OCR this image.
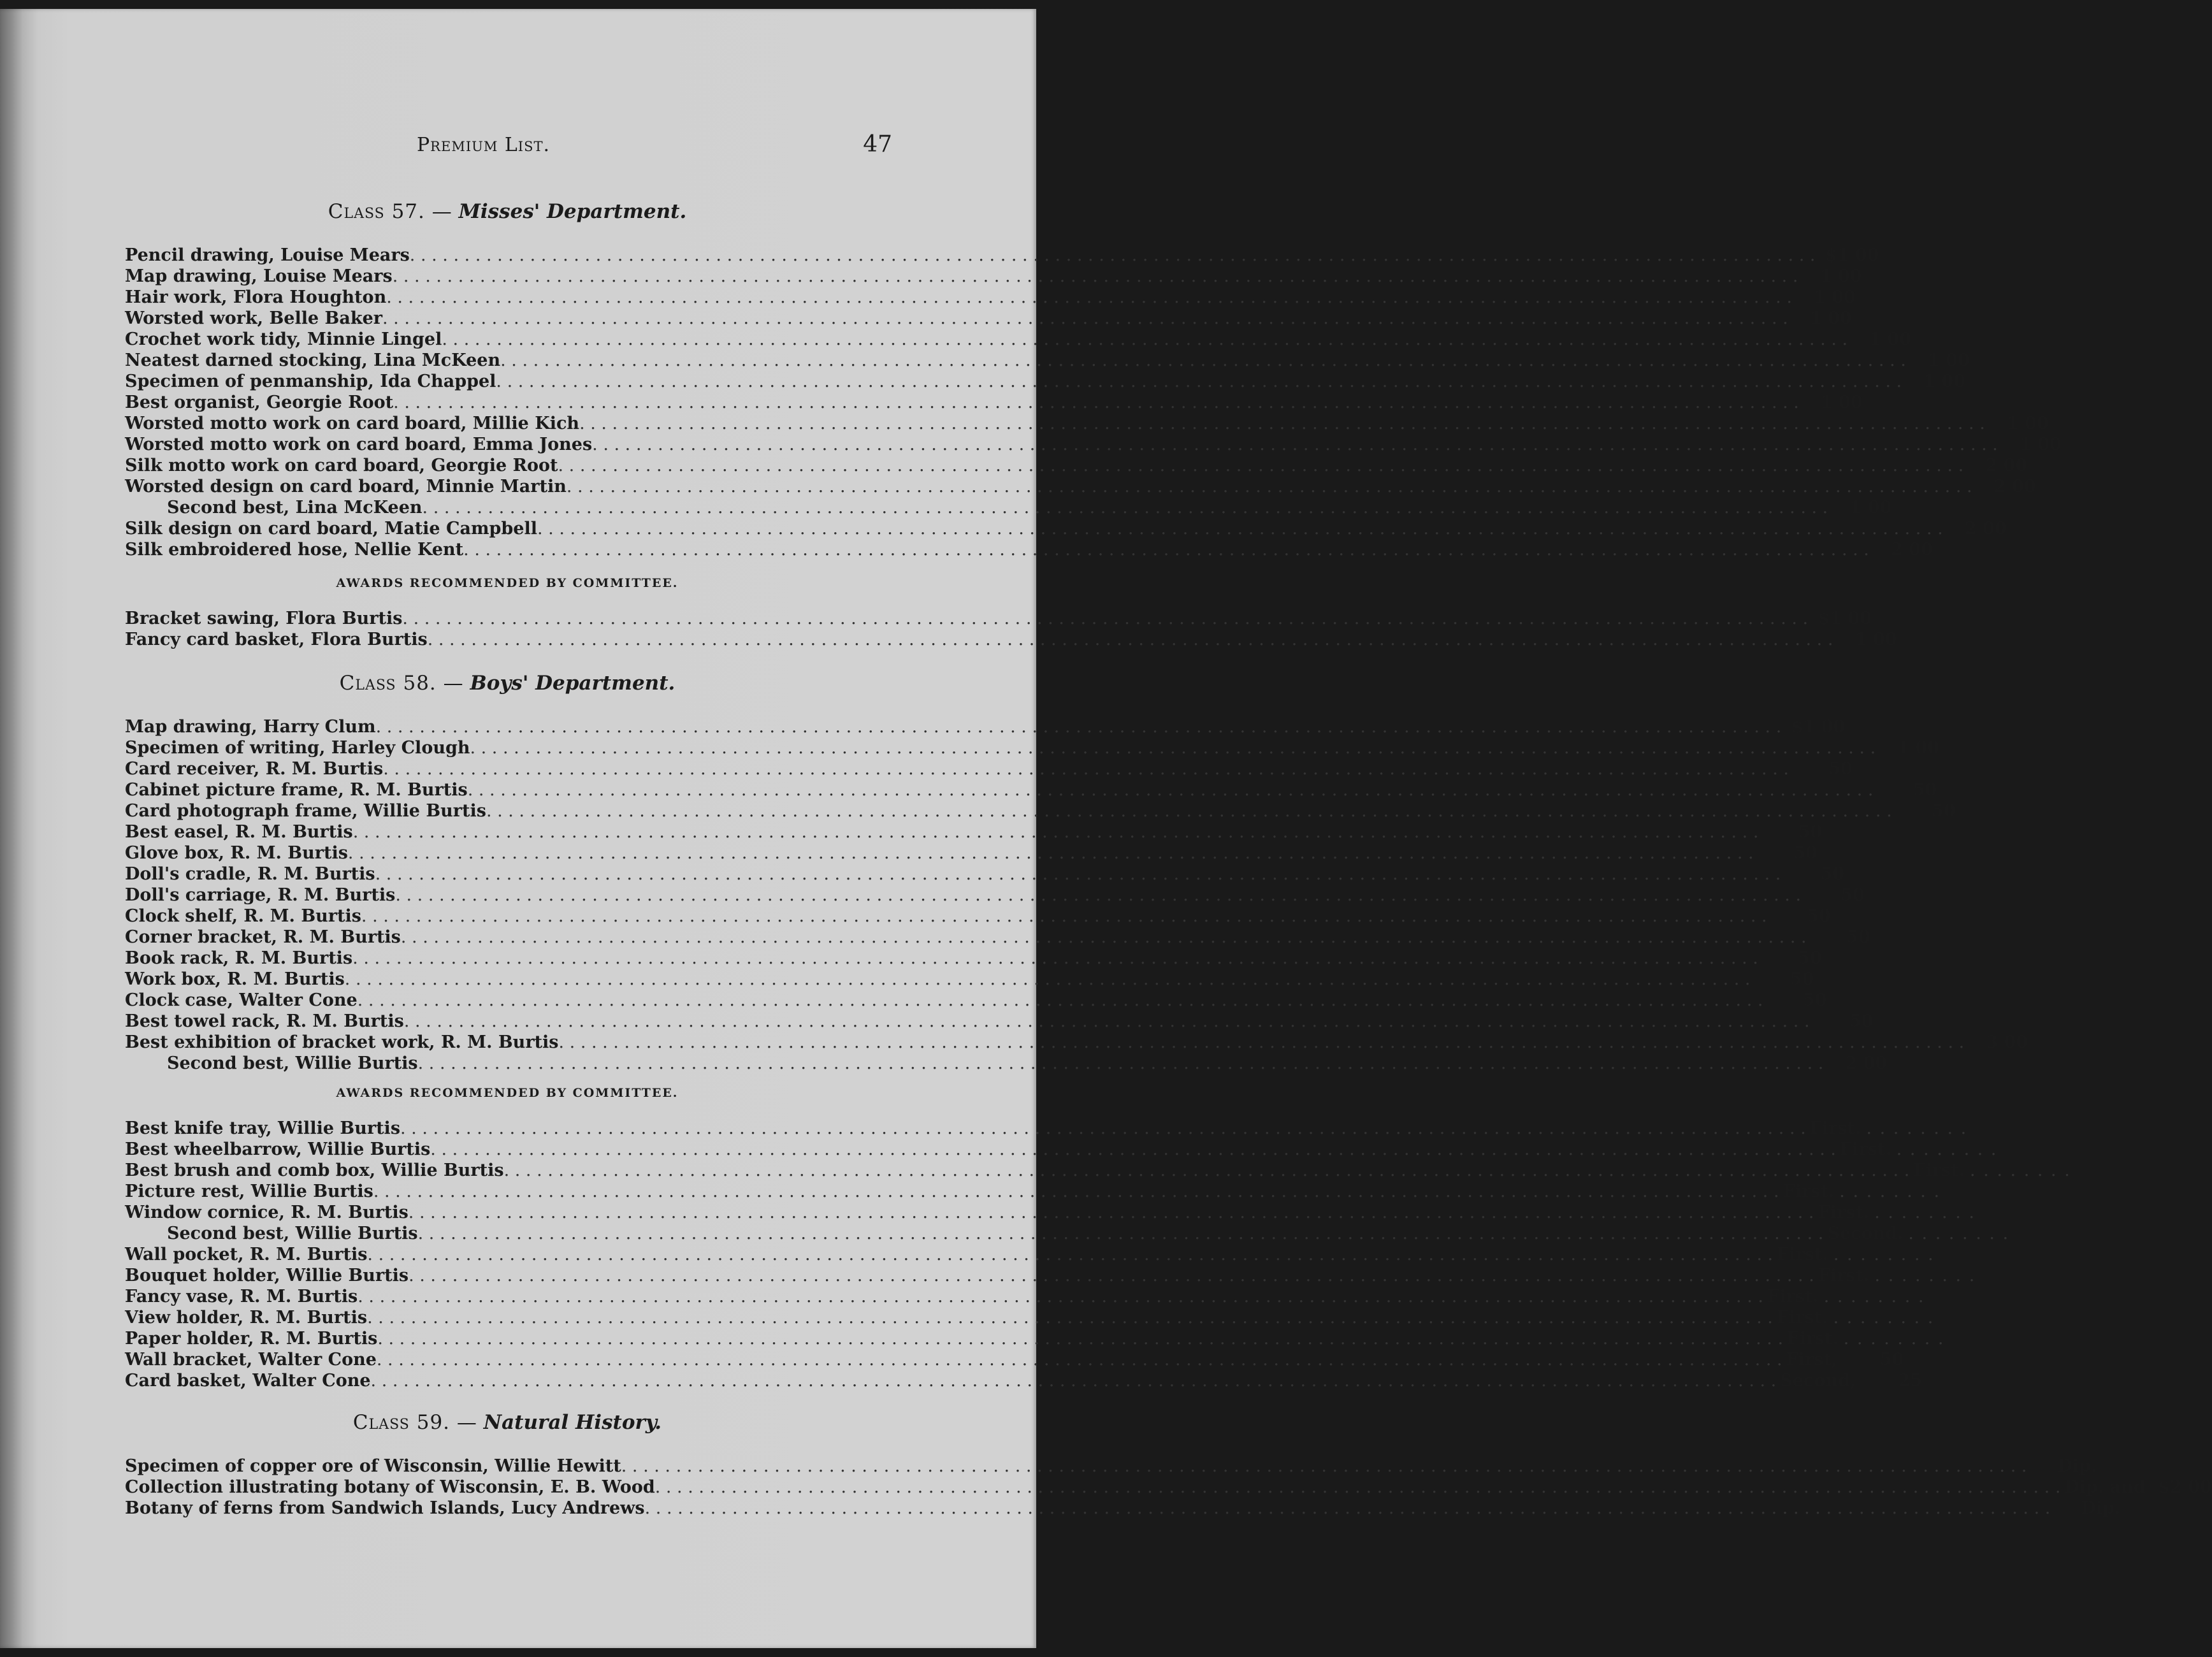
Premium List.	47
Class 57. — Misses' Department.
Pencil drawing, Louise Mears . . .	$1 00
Map drawing, Louise Mears . . .	1 00
Hair work, Flora Houghton . . .	1 00
Worsted work, Belle Baker . . .	1 00
Crochet work tidy, Minnie Lingel . . .	1 00
Neatest darned stocking, Lina McKeen . . .	1 00
Specimen of penmanship, Ida Chappel . . .	1 00
Best organist, Georgie Root . . .	1 00
Worsted motto work on card board, Millie Kich . . .	1 00
Worsted motto work on card board, Emma Jones . . .	1 00
Silk motto work on card board, Georgie Root . . .	2 00
Worsted design on card board, Minnie Martin . . .	2 00
Second best, Lina McKeen . . .	1 00
Silk design on card board, Matie Campbell . . .	2 00
Silk embroidered hose, Nellie Kent . . .	2 00
AWARDS RECOMMENDED BY COMMITTEE.
Bracket sawing, Flora Burtis . . .	$1 00
Fancy card basket, Flora Burtis . . .	1 00
Class 58. — Boys' Department.
Map drawing, Harry Clum . . .	$1 00
Specimen of writing, Harley Clough . . .	1 00
Card receiver, R. M. Burtis . . .	50
Cabinet picture frame, R. M. Burtis . . .	50
Card photograph frame, Willie Burtis . . .	50
Best easel, R. M. Burtis . . .	50
Glove box, R. M. Burtis . . .	50
Doll's cradle, R. M. Burtis . . .	50
Doll's carriage, R. M. Burtis . . .	50
Clock shelf, R. M. Burtis . . .	50
Corner bracket, R. M. Burtis . . .	50
Book rack, R. M. Burtis . . .	50
Work box, R. M. Burtis . . .	50
Clock case, Walter Cone . . .	50
Best towel rack, R. M. Burtis . . .	50
Best exhibition of bracket work, R. M. Burtis . . .	3 00
Second best, Willie Burtis . . .	2 00
AWARDS RECOMMENDED BY COMMITTEE.
Best knife tray, Willie Burtis . . .	First. . . . . . . . .
Best wheelbarrow, Willie Burtis . . .	First. . . . . . . . .
Best brush and comb box, Willie Burtis . . .	First. . . . . . . . .
Picture rest, Willie Burtis . . .	First. . . . . . . . .
Window cornice, R. M. Burtis . . .	First. . . . . . . . .
Second best, Willie Burtis . . .	Second. . . . . . . . .
Wall pocket, R. M. Burtis . . .	First. . . . . . . . .
Bouquet holder, Willie Burtis . . .	First. . . . . . . . .
Fancy vase, R. M. Burtis . . .	First. . . . . . . . .
View holder, R. M. Burtis . . .	First. . . . . . . . .
Paper holder, R. M. Burtis . . .	First. . . . . . . . .
Wall bracket, Walter Cone . . .	First,	50
Card basket, Walter Cone . . .	Second,	25
Class 59. — Natural History.
Specimen of copper ore of Wisconsin, Willie Hewitt . . .	Dip.
Collection illustrating botany of Wisconsin, E. B. Wood . . .	Dip. and $2 00
Botany of ferns from Sandwich Islands, Lucy Andrews . . .	Dip.
